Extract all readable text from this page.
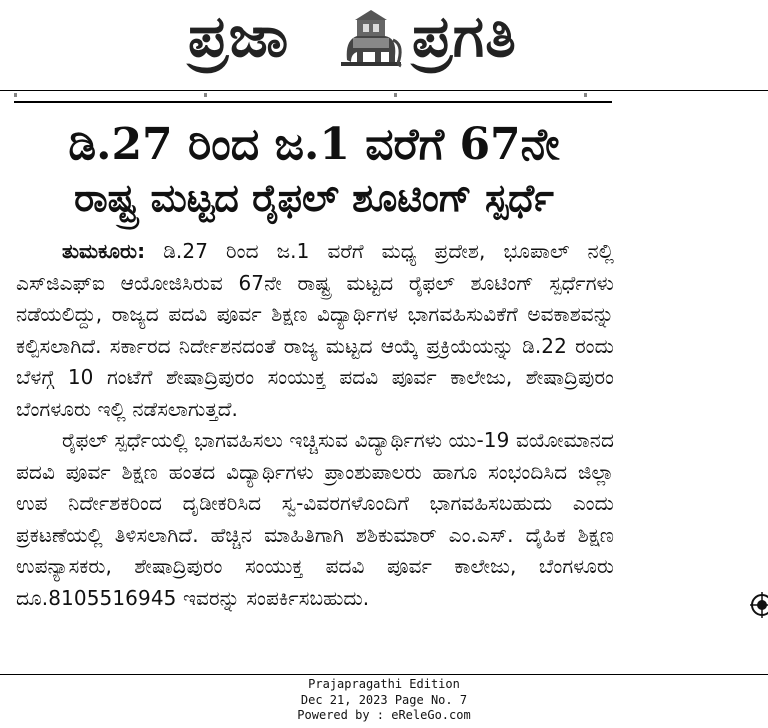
ಪ್ರಜಾ ಪ್ರಗತಿ
ಡಿ.27 ರಿಂದ ಜ.1 ವರೆಗೆ 67ನೇ
ರಾಷ್ಟ್ರ ಮಟ್ಟದ ರೈಫಲ್ ಶೂಟಿಂಗ್ ಸ್ಪರ್ಧೆ

ತುಮಕೂರು: ಡಿ.27 ರಿಂದ ಜ.1 ವರೆಗೆ ಮಧ್ಯ ಪ್ರದೇಶ, ಭೂಪಾಲ್ ನಲ್ಲಿ ಎಸ್‌ಜಿಎಫ್‌ಐ ಆಯೋಜಿಸಿರುವ 67ನೇ ರಾಷ್ಟ್ರ ಮಟ್ಟದ ರೈಫಲ್ ಶೂಟಿಂಗ್ ಸ್ಪರ್ಧೆಗಳು ನಡೆಯಲಿದ್ದು, ರಾಜ್ಯದ ಪದವಿ ಪೂರ್ವ ಶಿಕ್ಷಣ ವಿದ್ಯಾರ್ಥಿಗಳ ಭಾಗವಹಿಸುವಿಕೆಗೆ ಅವಕಾಶವನ್ನು ಕಲ್ಪಿಸಲಾಗಿದೆ. ಸರ್ಕಾರದ ನಿರ್ದೇಶನದಂತೆ ರಾಜ್ಯ ಮಟ್ಟದ ಆಯ್ಕೆ ಪ್ರಕ್ರಿಯೆಯನ್ನು ಡಿ.22 ರಂದು ಬೆಳಗ್ಗೆ 10 ಗಂಟೆಗೆ ಶೇಷಾದ್ರಿಪುರಂ ಸಂಯುಕ್ತ ಪದವಿ ಪೂರ್ವ ಕಾಲೇಜು, ಶೇಷಾದ್ರಿಪುರಂ ಬೆಂಗಳೂರು ಇಲ್ಲಿ ನಡೆಸಲಾಗುತ್ತದೆ.

ರೈಫಲ್ ಸ್ಪರ್ಧೆಯಲ್ಲಿ ಭಾಗವಹಿಸಲು ಇಚ್ಚಿಸುವ ವಿದ್ಯಾರ್ಥಿಗಳು ಯು-19 ವಯೋಮಾನದ ಪದವಿ ಪೂರ್ವ ಶಿಕ್ಷಣ ಹಂತದ ವಿದ್ಯಾರ್ಥಿಗಳು ಪ್ರಾಂಶುಪಾಲರು ಹಾಗೂ ಸಂಭಂದಿಸಿದ ಜಿಲ್ಲಾ ಉಪ ನಿರ್ದೇಶಕರಿಂದ ದೃಡೀಕರಿಸಿದ ಸ್ವ-ವಿವರಗಳೊಂದಿಗೆ ಭಾಗವಹಿಸಬಹುದು ಎಂದು ಪ್ರಕಟಣೆಯಲ್ಲಿ ತಿಳಿಸಲಾಗಿದೆ. ಹೆಚ್ಚಿನ ಮಾಹಿತಿಗಾಗಿ ಶಶಿಕುಮಾರ್ ಎಂ.ಎಸ್. ದೈಹಿಕ ಶಿಕ್ಷಣ ಉಪನ್ಯಾಸಕರು, ಶೇಷಾದ್ರಿಪುರಂ ಸಂಯುಕ್ತ ಪದವಿ ಪೂರ್ವ ಕಾಲೇಜು, ಬೆಂಗಳೂರು ದೂ.8105516945 ಇವರನ್ನು ಸಂಪರ್ಕಿಸಬಹುದು.

Prajapragathi Edition
Dec 21, 2023 Page No. 7
Powered by : eReleGo.com
